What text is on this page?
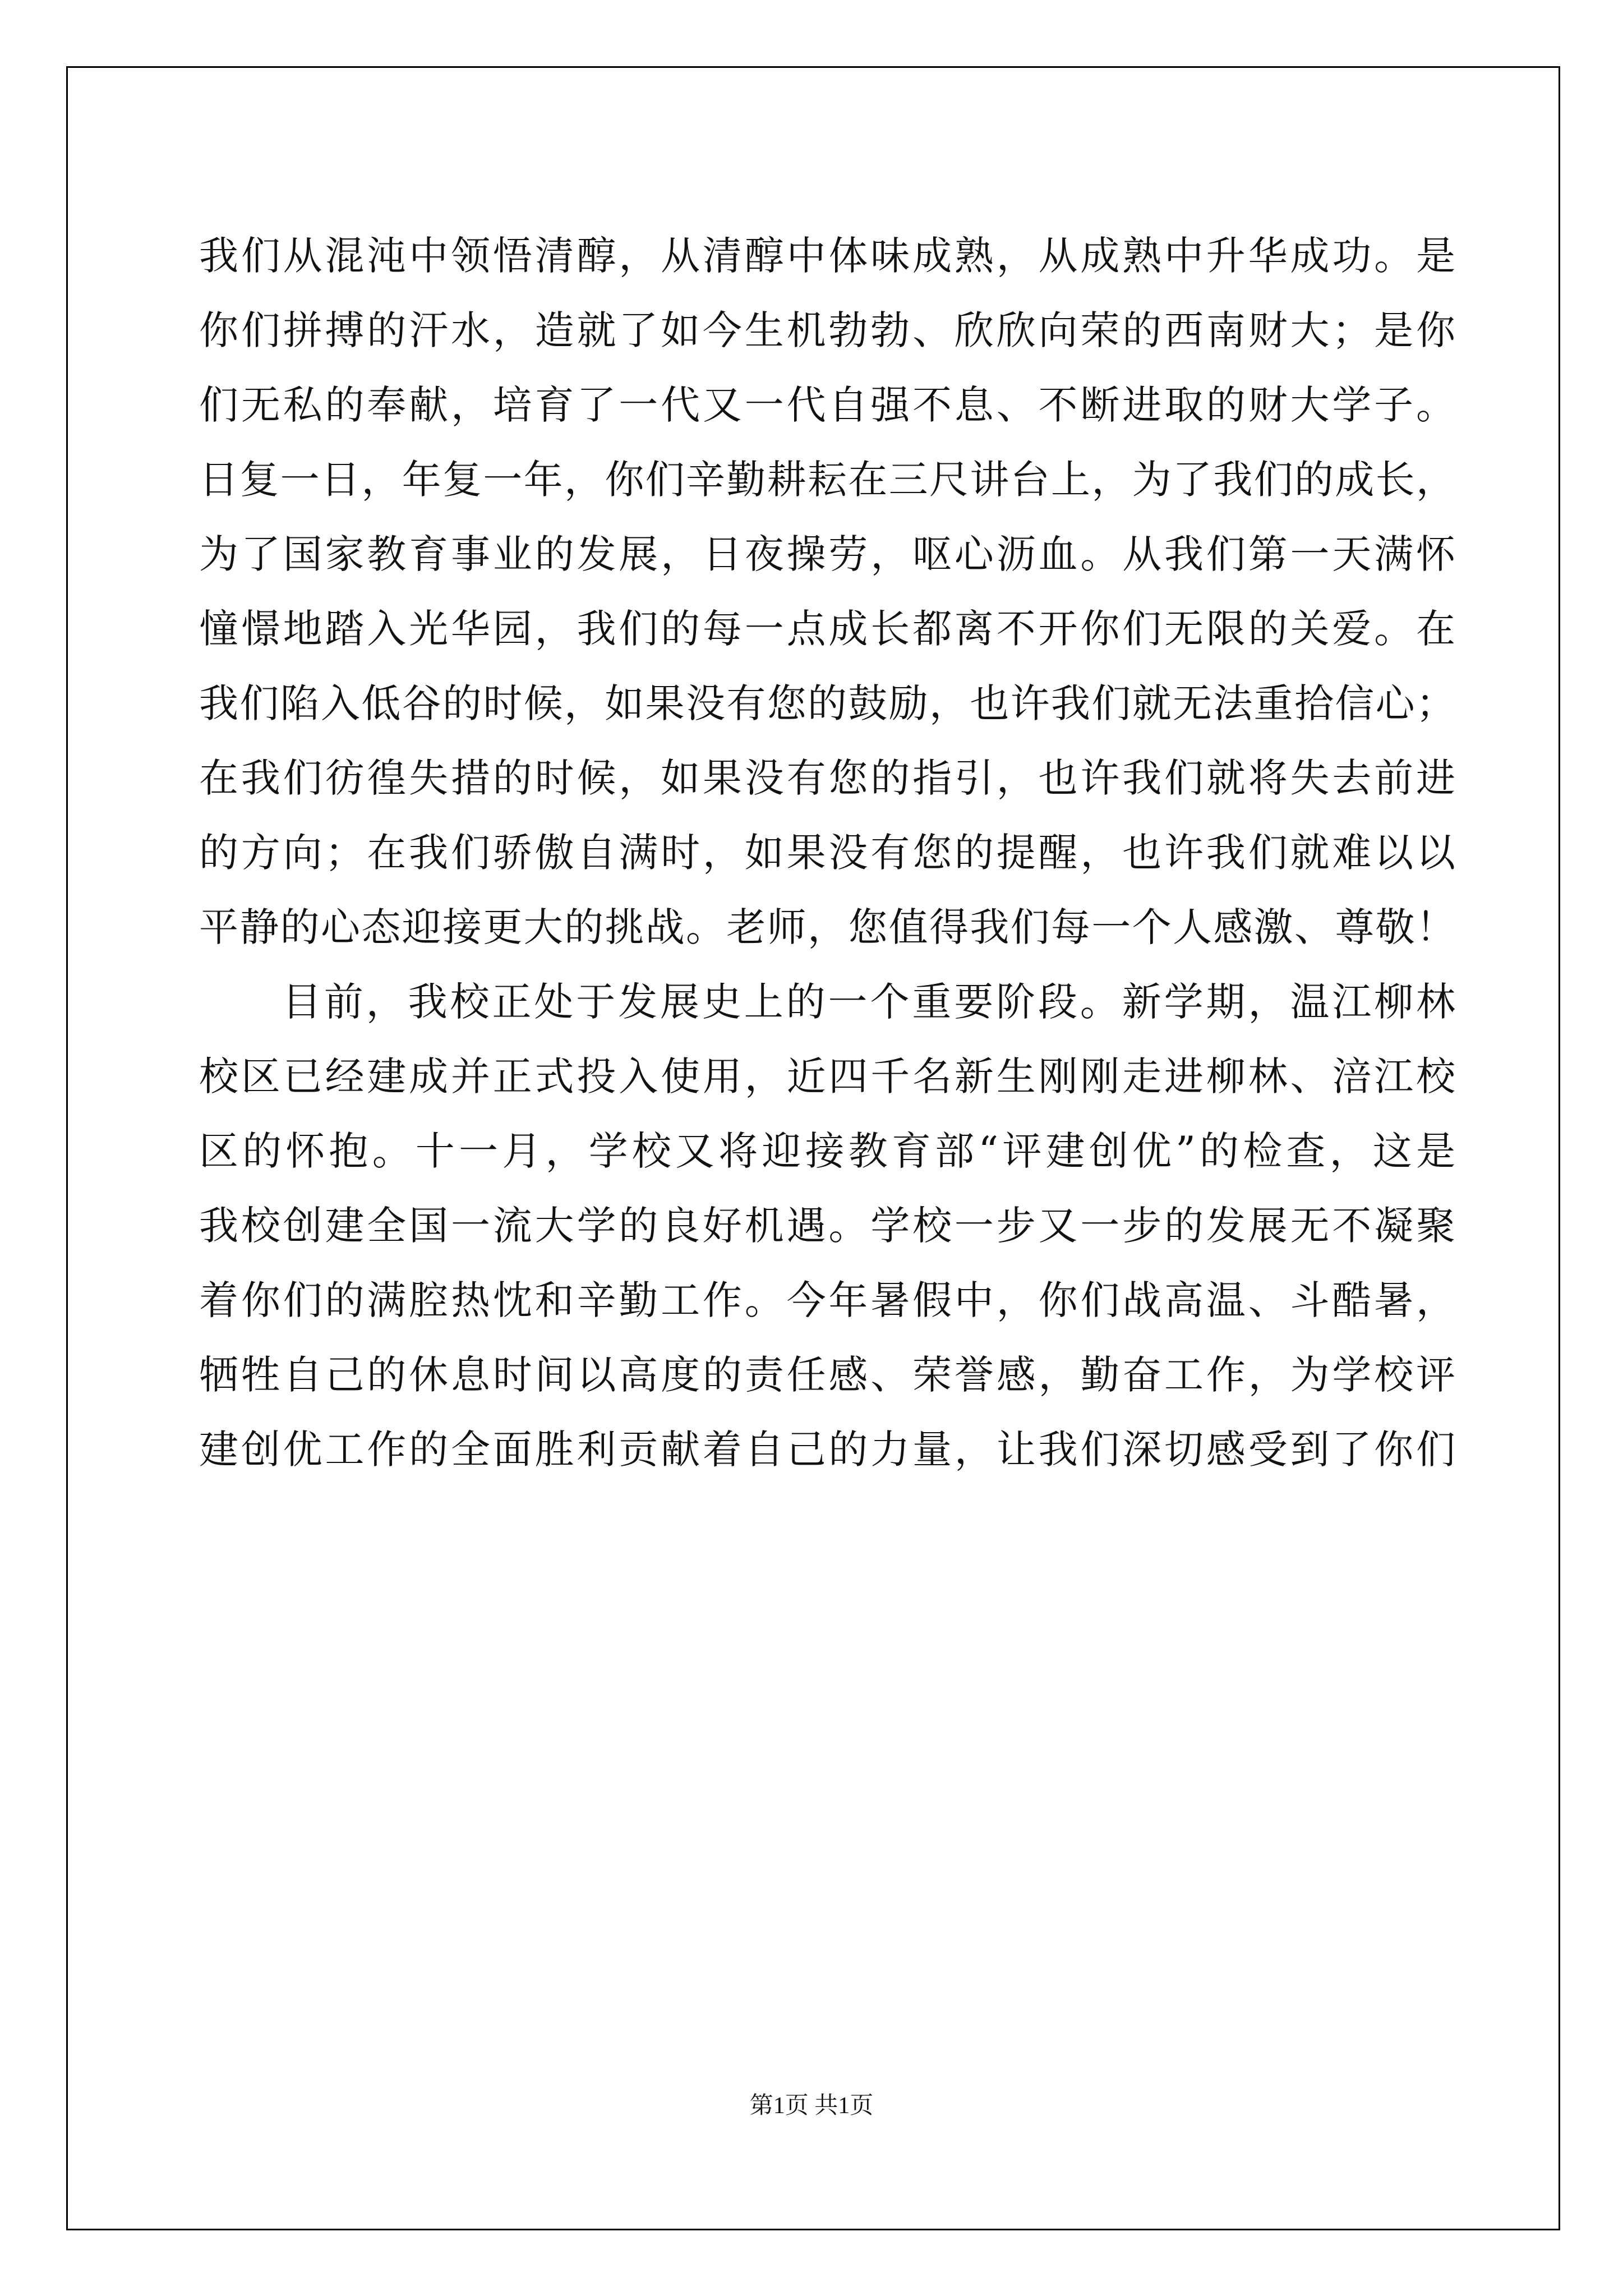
我们从混沌中领悟清醇，从清醇中体味成熟，从成熟中升华成功。是
你们拼搏的汗水，造就了如今生机勃勃、欣欣向荣的西南财大；是你
们无私的奉献，培育了一代又一代自强不息、不断进取的财大学子。
日复一日，年复一年，你们辛勤耕耘在三尺讲台上，为了我们的成长，
为了国家教育事业的发展，日夜操劳，呕心沥血。从我们第一天满怀
憧憬地踏入光华园，我们的每一点成长都离不开你们无限的关爱。在
我们陷入低谷的时候，如果没有您的鼓励，也许我们就无法重拾信心；
在我们彷徨失措的时候，如果没有您的指引，也许我们就将失去前进
的方向；在我们骄傲自满时，如果没有您的提醒，也许我们就难以以
平静的心态迎接更大的挑战。老师，您值得我们每一个人感激、尊敬！
目前，我校正处于发展史上的一个重要阶段。新学期，温江柳林
校区已经建成并正式投入使用，近四千名新生刚刚走进柳林、涪江校
区的怀抱。十一月，学校又将迎接教育部“评建创优”的检查，这是
我校创建全国一流大学的良好机遇。学校一步又一步的发展无不凝聚
着你们的满腔热忱和辛勤工作。今年暑假中，你们战高温、斗酷暑，
牺牲自己的休息时间以高度的责任感、荣誉感，勤奋工作，为学校评
建创优工作的全面胜利贡献着自己的力量，让我们深切感受到了你们
第1页 共1页
